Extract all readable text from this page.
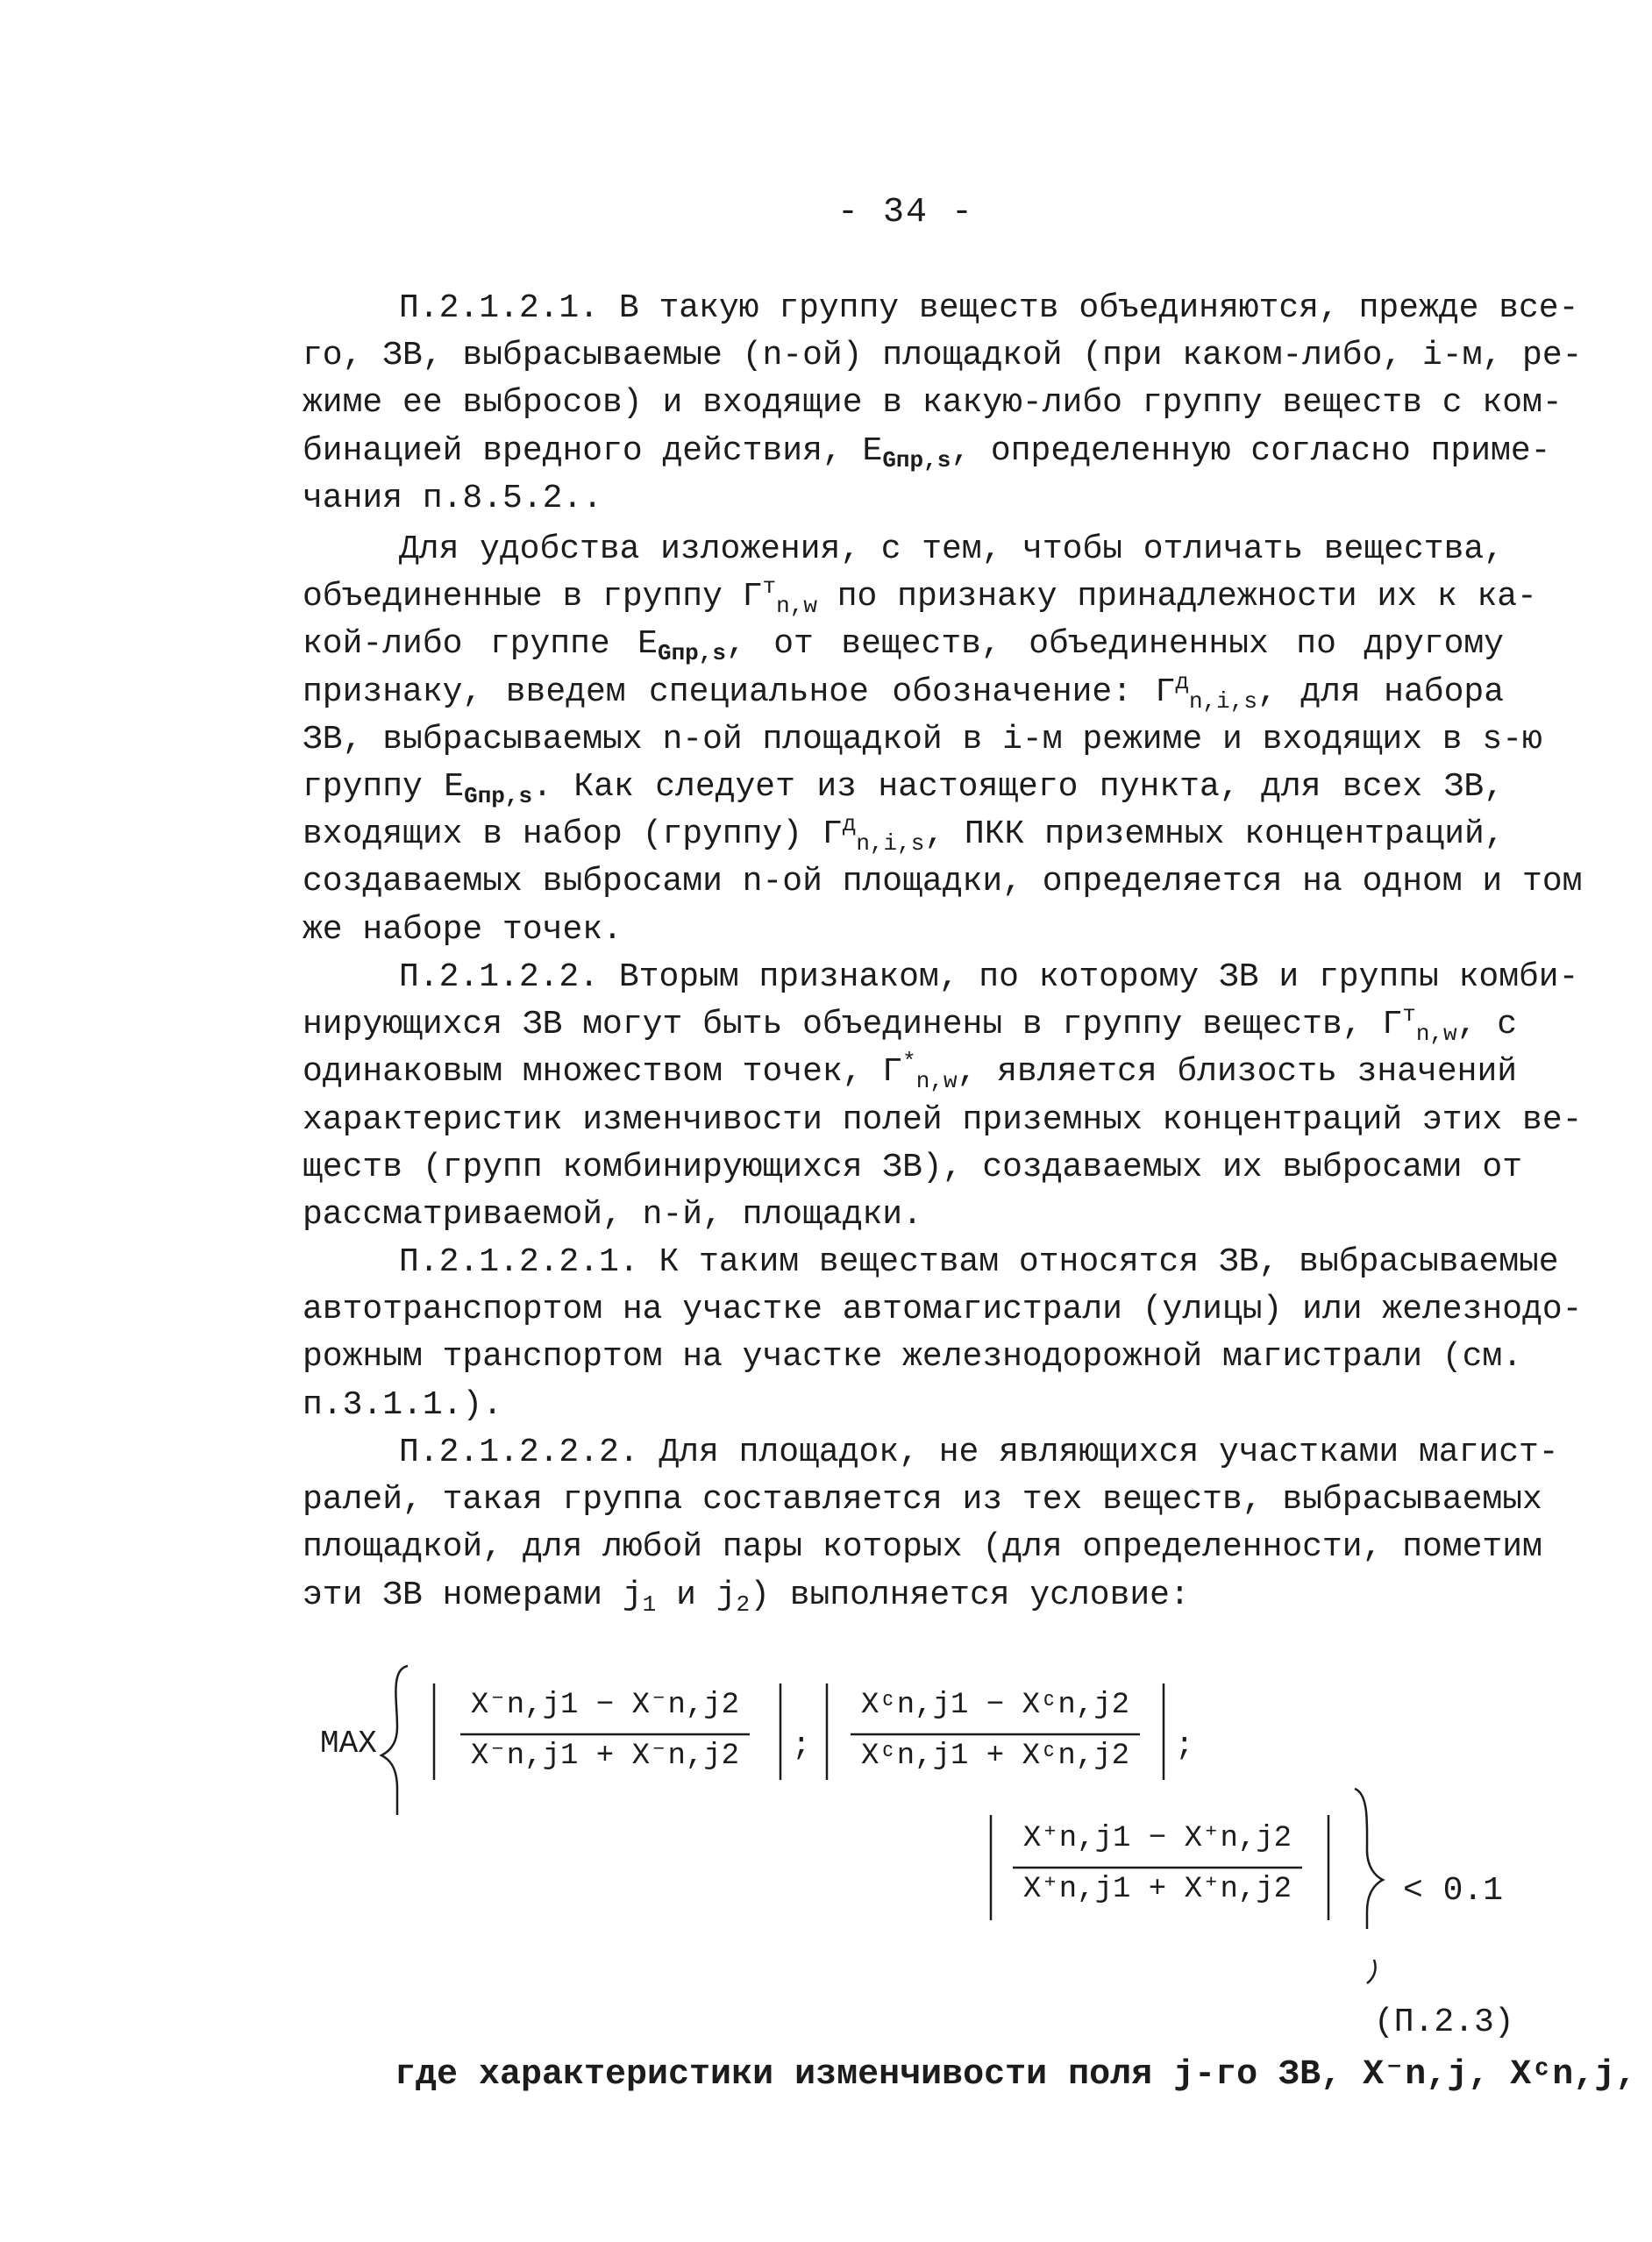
- 34 -
П.2.1.2.1. В такую группу веществ объединяются, прежде все-
го, ЗВ, выбрасываемые (n-ой) площадкой (при каком-либо, i-м, ре-
жиме ее выбросов) и входящие в какую-либо группу веществ с ком-
бинацией вредного действия, $E_{Gпр,s}$, определенную согласно приме-
чания п.8.5.2..
Для удобства изложения, с тем, чтобы отличать вещества,
объединенные в группу $Г^т_{n,w}$ по признаку принадлежности их к ка-
кой-либо группе $E_{Gпр,s}$, от веществ, объединенных по другому
признаку, введем специальное обозначение: $Г^д_{n,i,s}$, для набора
ЗВ, выбрасываемых n-ой площадкой в i-м режиме и входящих в s-ю
группу $E_{Gпр,s}$. Как следует из настоящего пункта, для всех ЗВ,
входящих в набор (группу) $Г^д_{n,i,s}$, ПКК приземных концентраций,
создаваемых выбросами n-ой площадки, определяется на одном и том
же наборе точек.
П.2.1.2.2. Вторым признаком, по которому ЗВ и группы комби-
нирующихся ЗВ могут быть объединены в группу веществ, $Г^т_{n,w}$, с
одинаковым множеством точек, $Г^*_{n,w}$, является близость значений
характеристик изменчивости полей приземных концентраций этих ве-
ществ (групп комбинирующихся ЗВ), создаваемых их выбросами от
рассматриваемой, n-й, площадки.
П.2.1.2.2.1. К таким веществам относятся ЗВ, выбрасываемые
автотранспортом на участке автомагистрали (улицы) или железнодо-
рожным транспортом на участке железнодорожной магистрали (см.
п.3.1.1.).
П.2.1.2.2.2. Для площадок, не являющихся участками магист-
ралей, такая группа составляется из тех веществ, выбрасываемых
площадкой, для любой пары которых (для определенности, пометим
эти ЗВ номерами $j_1$ и $j_2$) выполняется условие:
MAX
X⁻n,j1 − X⁻n,j2
X⁻n,j1 + X⁻n,j2	;
Xᶜn,j1 − Xᶜn,j2
Xᶜn,j1 + Xᶜn,j2	;
X⁺n,j1 − X⁺n,j2
X⁺n,j1 + X⁺n,j2	< 0.1
(П.2.3)
где характеристики изменчивости поля j-го ЗВ, X⁻n,j, Xᶜn,j,
